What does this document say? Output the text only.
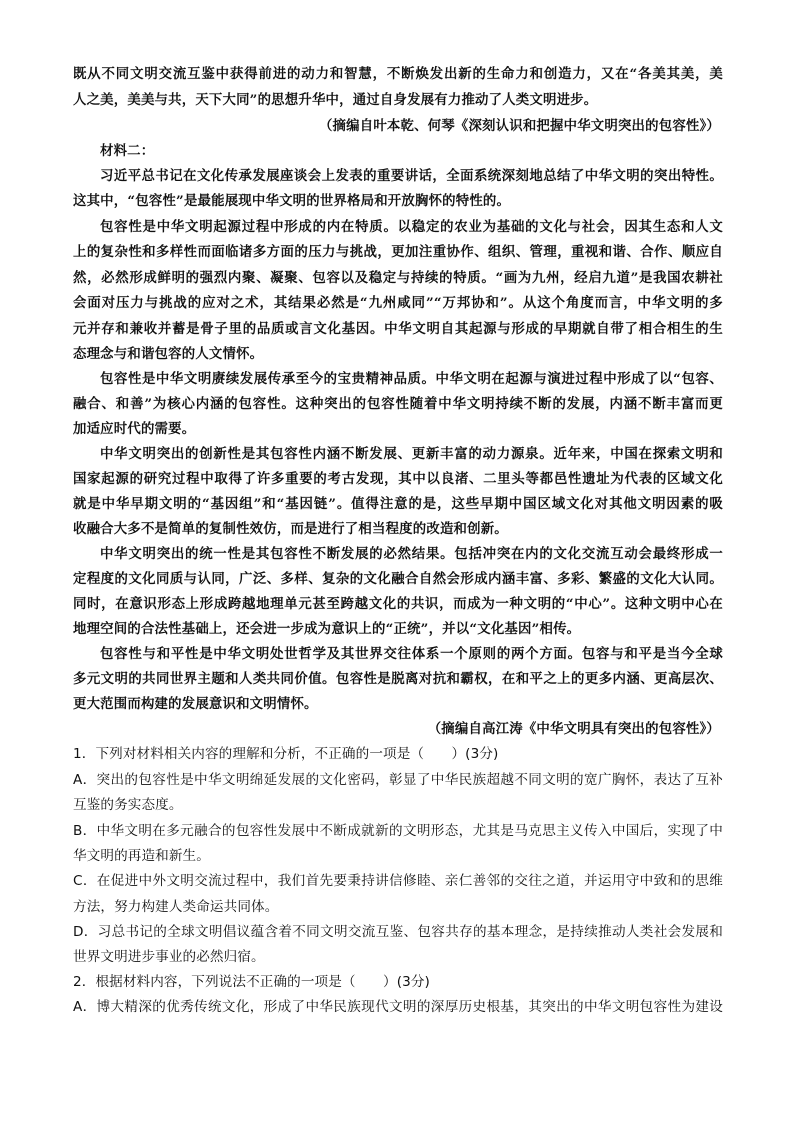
既从不同文明交流互鉴中获得前进的动力和智慧，不断焕发出新的生命力和创造力，又在“各美其美，美
人之美，美美与共，天下大同”的思想升华中，通过自身发展有力推动了人类文明进步。
（摘编自叶本乾、何琴《深刻认识和把握中华文明突出的包容性》）
材料二：
习近平总书记在文化传承发展座谈会上发表的重要讲话，全面系统深刻地总结了中华文明的突出特性。
这其中，“包容性”是最能展现中华文明的世界格局和开放胸怀的特性的。
包容性是中华文明起源过程中形成的内在特质。以稳定的农业为基础的文化与社会，因其生态和人文
上的复杂性和多样性而面临诸多方面的压力与挑战，更加注重协作、组织、管理，重视和谐、合作、顺应自
然，必然形成鲜明的强烈内聚、凝聚、包容以及稳定与持续的特质。“画为九州，经启九道”是我国农耕社
会面对压力与挑战的应对之术，其结果必然是“九州咸同”“万邦协和”。从这个角度而言，中华文明的多
元并存和兼收并蓄是骨子里的品质或言文化基因。中华文明自其起源与形成的早期就自带了相合相生的生
态理念与和谐包容的人文情怀。
包容性是中华文明赓续发展传承至今的宝贵精神品质。中华文明在起源与演进过程中形成了以“包容、
融合、和善”为核心内涵的包容性。这种突出的包容性随着中华文明持续不断的发展，内涵不断丰富而更
加适应时代的需要。
中华文明突出的创新性是其包容性内涵不断发展、更新丰富的动力源泉。近年来，中国在探索文明和
国家起源的研究过程中取得了许多重要的考古发现，其中以良渚、二里头等都邑性遗址为代表的区域文化
就是中华早期文明的“基因组”和“基因链”。值得注意的是，这些早期中国区域文化对其他文明因素的吸
收融合大多不是简单的复制性效仿，而是进行了相当程度的改造和创新。
中华文明突出的统一性是其包容性不断发展的必然结果。包括冲突在内的文化交流互动会最终形成一
定程度的文化同质与认同，广泛、多样、复杂的文化融合自然会形成内涵丰富、多彩、繁盛的文化大认同。
同时，在意识形态上形成跨越地理单元甚至跨越文化的共识，而成为一种文明的“中心”。这种文明中心在
地理空间的合法性基础上，还会进一步成为意识上的“正统”，并以“文化基因”相传。
包容性与和平性是中华文明处世哲学及其世界交往体系一个原则的两个方面。包容与和平是当今全球
多元文明的共同世界主题和人类共同价值。包容性是脱离对抗和霸权，在和平之上的更多内涵、更高层次、
更大范围而构建的发展意识和文明情怀。
（摘编自高江涛《中华文明具有突出的包容性》）
1．下列对材料相关内容的理解和分析，不正确的一项是（　　）(3分)
A．突出的包容性是中华文明绵延发展的文化密码，彰显了中华民族超越不同文明的宽广胸怀，表达了互补
互鉴的务实态度。
B．中华文明在多元融合的包容性发展中不断成就新的文明形态，尤其是马克思主义传入中国后，实现了中
华文明的再造和新生。
C．在促进中外文明交流过程中，我们首先要秉持讲信修睦、亲仁善邻的交往之道，并运用守中致和的思维
方法，努力构建人类命运共同体。
D．习总书记的全球文明倡议蕴含着不同文明交流互鉴、包容共存的基本理念，是持续推动人类社会发展和
世界文明进步事业的必然归宿。
2．根据材料内容，下列说法不正确的一项是（　　）(3分)
A．博大精深的优秀传统文化，形成了中华民族现代文明的深厚历史根基，其突出的中华文明包容性为建设
